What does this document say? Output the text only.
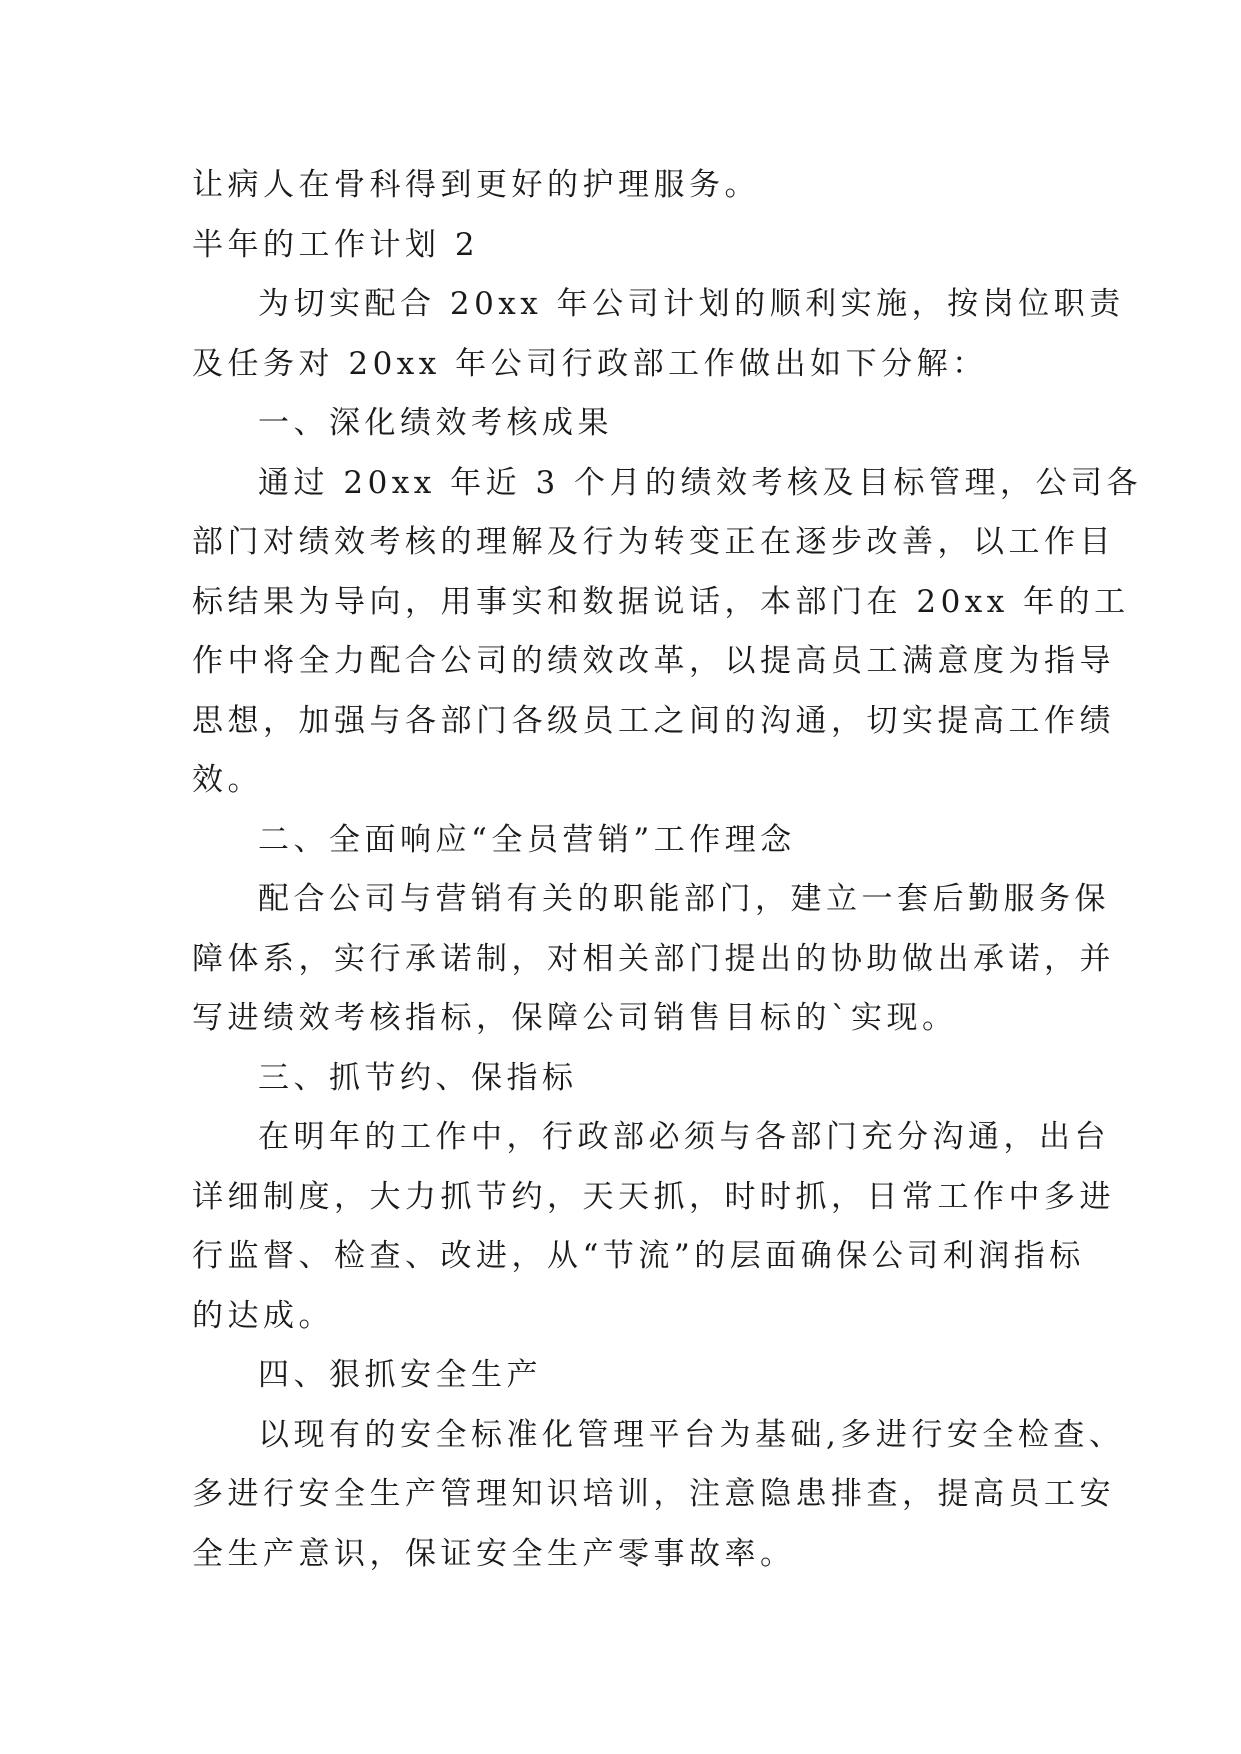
让病人在骨科得到更好的护理服务。
半年的工作计划 2
为切实配合 20xx 年公司计划的顺利实施，按岗位职责
及任务对 20xx 年公司行政部工作做出如下分解：
一、深化绩效考核成果
通过 20xx 年近 3 个月的绩效考核及目标管理，公司各
部门对绩效考核的理解及行为转变正在逐步改善，以工作目
标结果为导向，用事实和数据说话，本部门在 20xx 年的工
作中将全力配合公司的绩效改革，以提高员工满意度为指导
思想，加强与各部门各级员工之间的沟通，切实提高工作绩
效。
二、全面响应“全员营销”工作理念
配合公司与营销有关的职能部门，建立一套后勤服务保
障体系，实行承诺制，对相关部门提出的协助做出承诺，并
写进绩效考核指标，保障公司销售目标的`实现。
三、抓节约、保指标
在明年的工作中，行政部必须与各部门充分沟通，出台
详细制度，大力抓节约，天天抓，时时抓，日常工作中多进
行监督、检查、改进，从“节流”的层面确保公司利润指标
的达成。
四、狠抓安全生产
以现有的安全标准化管理平台为基础,多进行安全检查、
多进行安全生产管理知识培训，注意隐患排查，提高员工安
全生产意识，保证安全生产零事故率。
